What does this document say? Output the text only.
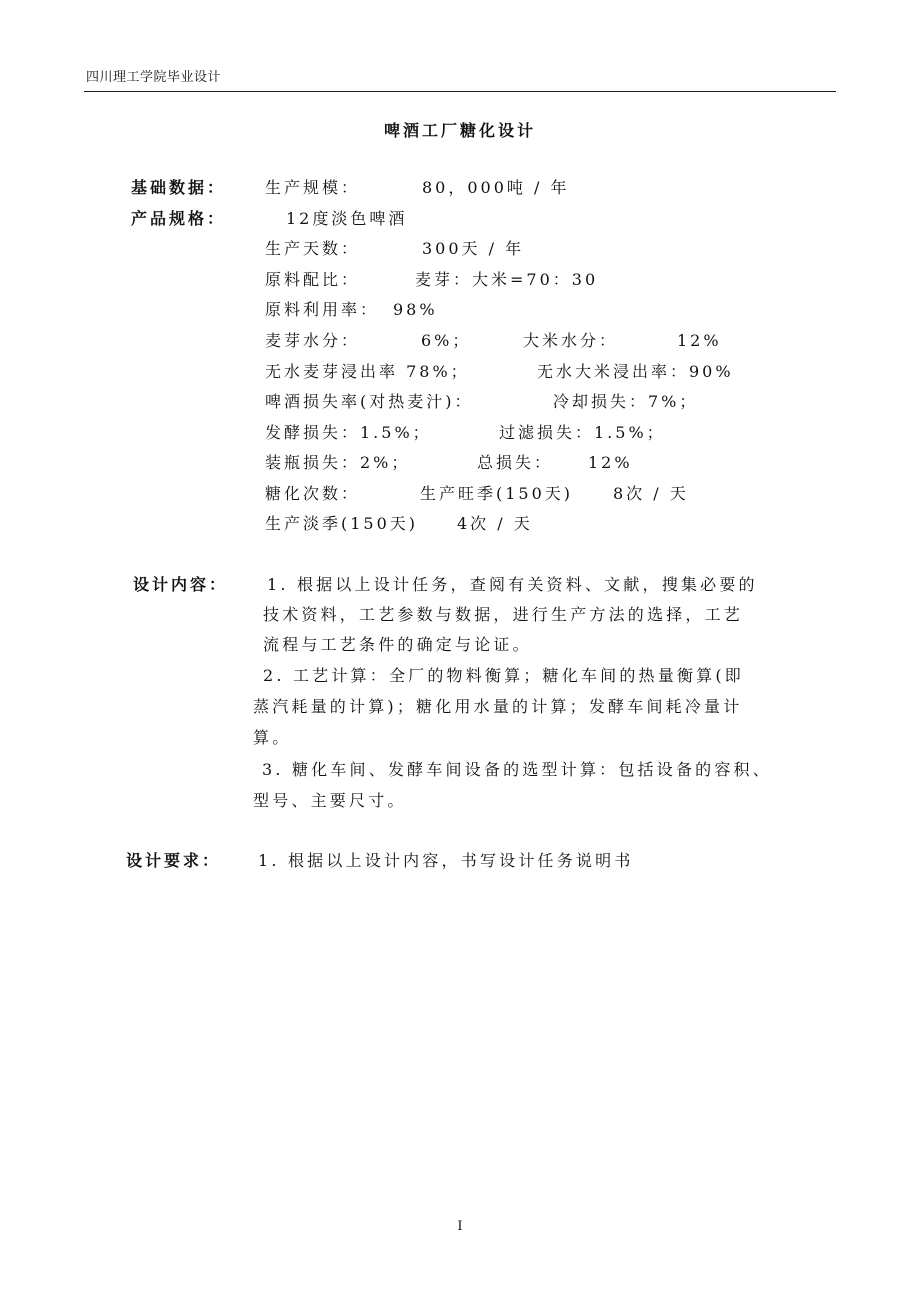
四川理工学院毕业设计
啤酒工厂糖化设计
基础数据： 生产规模：	80，000吨 / 年
产品规格：	12度淡色啤酒
生产天数：	300天 / 年
原料配比：	麦芽：大米=70：30
原料利用率： 98%
麦芽水分：	6%；	大米水分：	12%
无水麦芽浸出率 78%；	无水大米浸出率：90%
啤酒损失率(对热麦汁)：	冷却损失：7%；
发酵损失：1.5%；	过滤损失：1.5%；
装瓶损失：2%；	总损失： 12%
糖化次数：	生产旺季(150天) 8次 / 天
生产淡季(150天) 4次 / 天
设计内容： 1. 根据以上设计任务，查阅有关资料、文献，搜集必要的
技术资料，工艺参数与数据，进行生产方法的选择，工艺
流程与工艺条件的确定与论证。
2. 工艺计算：全厂的物料衡算；糖化车间的热量衡算(即
蒸汽耗量的计算)；糖化用水量的计算；发酵车间耗冷量计
算。
3. 糖化车间、发酵车间设备的选型计算：包括设备的容积、
型号、主要尺寸。
设计要求： 1. 根据以上设计内容，书写设计任务说明书
I
